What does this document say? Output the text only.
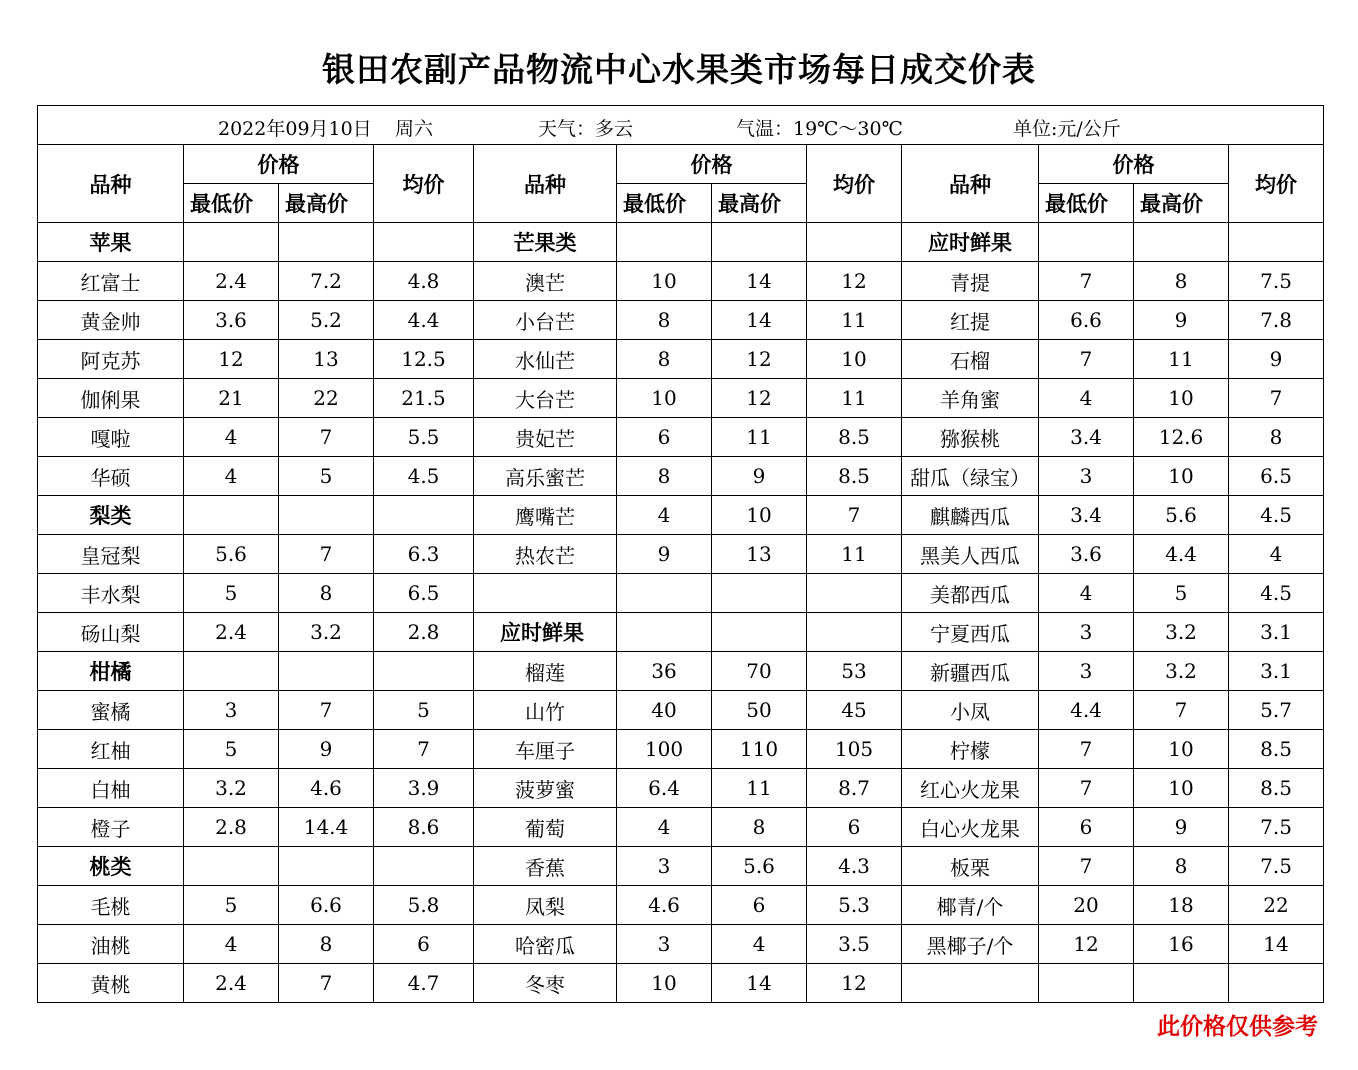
银田农副产品物流中心水果类市场每日成交价表
2022年09月10日 周六 天气：多云 气温：19℃～30℃ 单位:元/公斤											

品种	价格		均价	品种	价格		均价	品种	价格		均价
	最低价	最高价			最低价	最高价			最低价	最高价	
苹果				芒果类				应时鲜果			
红富士	2.4	7.2	4.8	澳芒	10	14	12	青提	7	8	7.5
黄金帅	3.6	5.2	4.4	小台芒	8	14	11	红提	6.6	9	7.8
阿克苏	12	13	12.5	水仙芒	8	12	10	石榴	7	11	9
伽俐果	21	22	21.5	大台芒	10	12	11	羊角蜜	4	10	7
嘎啦	4	7	5.5	贵妃芒	6	11	8.5	猕猴桃	3.4	12.6	8
华硕	4	5	4.5	高乐蜜芒	8	9	8.5	甜瓜（绿宝）	3	10	6.5
梨类				鹰嘴芒	4	10	7	麒麟西瓜	3.4	5.6	4.5
皇冠梨	5.6	7	6.3	热农芒	9	13	11	黑美人西瓜	3.6	4.4	4
丰水梨	5	8	6.5					美都西瓜	4	5	4.5
砀山梨	2.4	3.2	2.8	应时鲜果				宁夏西瓜	3	3.2	3.1
柑橘				榴莲	36	70	53	新疆西瓜	3	3.2	3.1
蜜橘	3	7	5	山竹	40	50	45	小凤	4.4	7	5.7
红柚	5	9	7	车厘子	100	110	105	柠檬	7	10	8.5
白柚	3.2	4.6	3.9	菠萝蜜	6.4	11	8.7	红心火龙果	7	10	8.5
橙子	2.8	14.4	8.6	葡萄	4	8	6	白心火龙果	6	9	7.5
桃类				香蕉	3	5.6	4.3	板栗	7	8	7.5
毛桃	5	6.6	5.8	凤梨	4.6	6	5.3	椰青/个	20	18	22
油桃	4	8	6	哈密瓜	3	4	3.5	黑椰子/个	12	16	14
黄桃	2.4	7	4.7	冬枣	10	14	12				
此价格仅供参考
